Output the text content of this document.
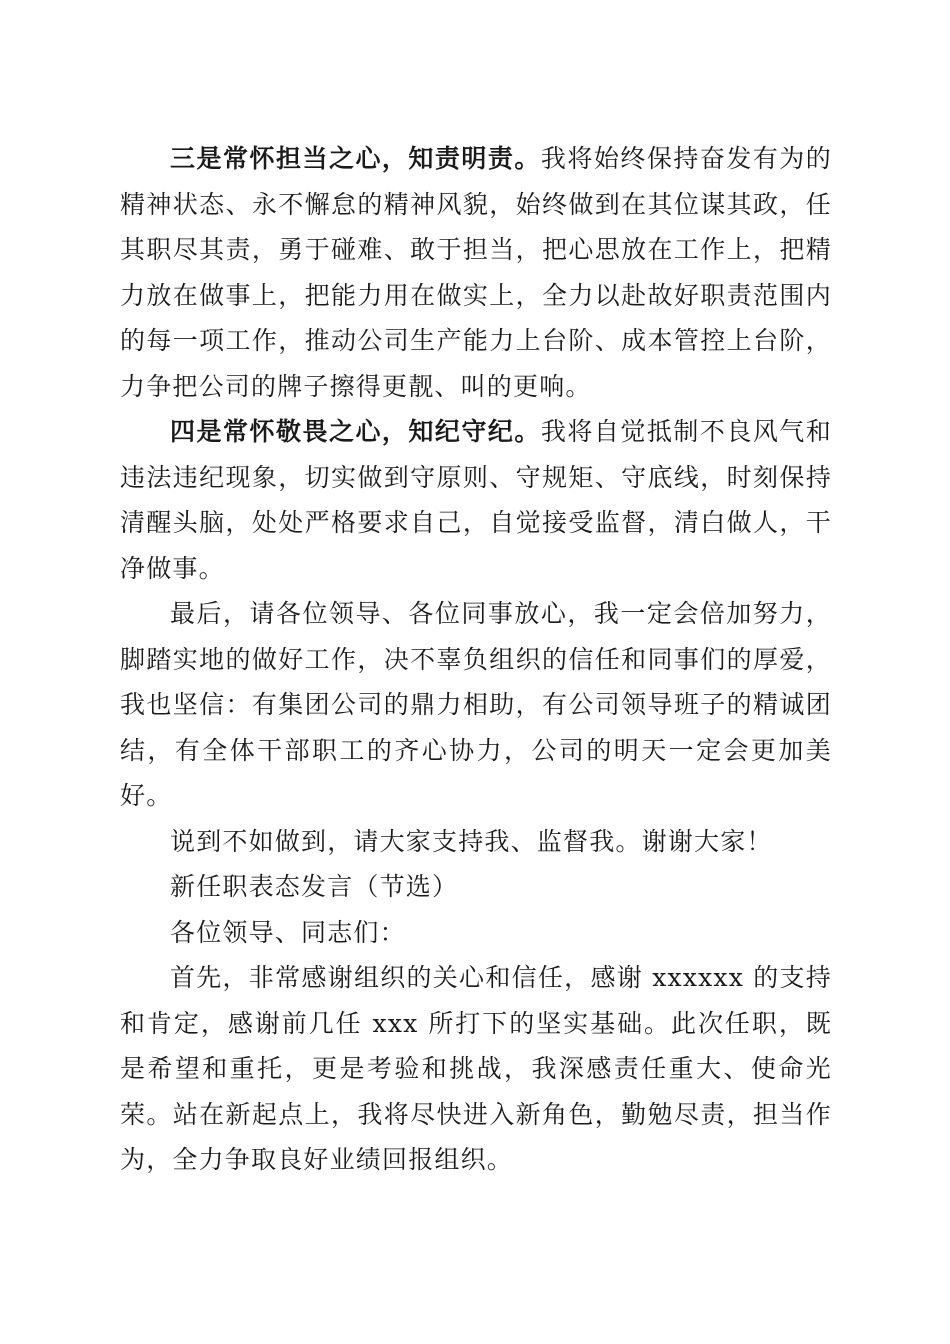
三是常怀担当之心，知责明责。我将始终保持奋发有为的精神状态、永不懈怠的精神风貌，始终做到在其位谋其政，任其职尽其责，勇于碰难、敢于担当，把心思放在工作上，把精力放在做事上，把能力用在做实上，全力以赴故好职责范围内的每一项工作，推动公司生产能力上台阶、成本管控上台阶，力争把公司的牌子擦得更靓、叫的更响。

四是常怀敬畏之心，知纪守纪。我将自觉抵制不良风气和违法违纪现象，切实做到守原则、守规矩、守底线，时刻保持清醒头脑，处处严格要求自己，自觉接受监督，清白做人，干净做事。

最后，请各位领导、各位同事放心，我一定会倍加努力，脚踏实地的做好工作，决不辜负组织的信任和同事们的厚爱，我也坚信：有集团公司的鼎力相助，有公司领导班子的精诚团结，有全体干部职工的齐心协力，公司的明天一定会更加美好。

说到不如做到，请大家支持我、监督我。谢谢大家！

新任职表态发言（节选）

各位领导、同志们：

首先，非常感谢组织的关心和信任，感谢 xxxxxx 的支持和肯定，感谢前几任 xxx 所打下的坚实基础。此次任职，既是希望和重托，更是考验和挑战，我深感责任重大、使命光荣。站在新起点上，我将尽快进入新角色，勤勉尽责，担当作为，全力争取良好业绩回报组织。
